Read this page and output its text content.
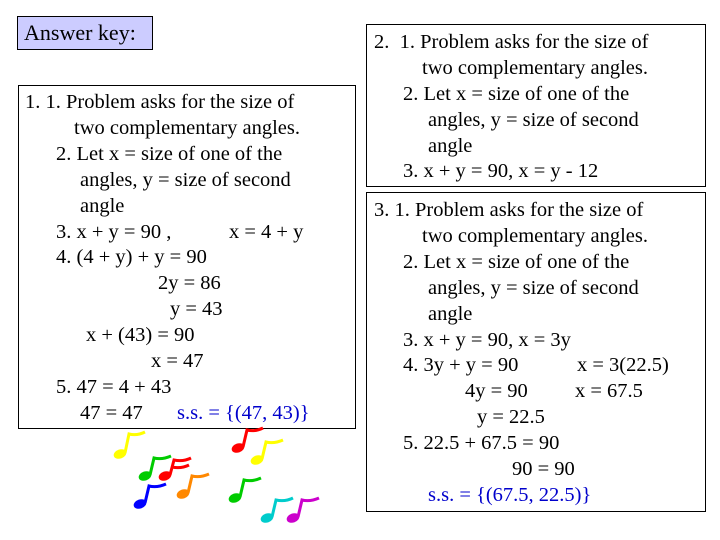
Answer key:
1. 1. Problem asks for the size of
two complementary angles.
2. Let x = size of one of the
angles, y = size of second
angle
3. x + y = 90 ,	x = 4 + y
4. (4 + y) + y = 90
2y = 86
y = 43
x + (43) = 90
x = 47
5. 47 = 4 + 43
47 = 47 s.s. = {(47, 43)}
2.  1. Problem asks for the size of
two complementary angles.
2. Let x = size of one of the
angles, y = size of second
angle
3. x + y = 90, x = y - 12
3. 1. Problem asks for the size of
two complementary angles.
2. Let x = size of one of the
angles, y = size of second
angle
3. x + y = 90, x = 3y
4. 3y + y = 90	x = 3(22.5)
4y = 90 x = 67.5
y = 22.5
5. 22.5 + 67.5 = 90
90 = 90
s.s. = {(67.5, 22.5)}
